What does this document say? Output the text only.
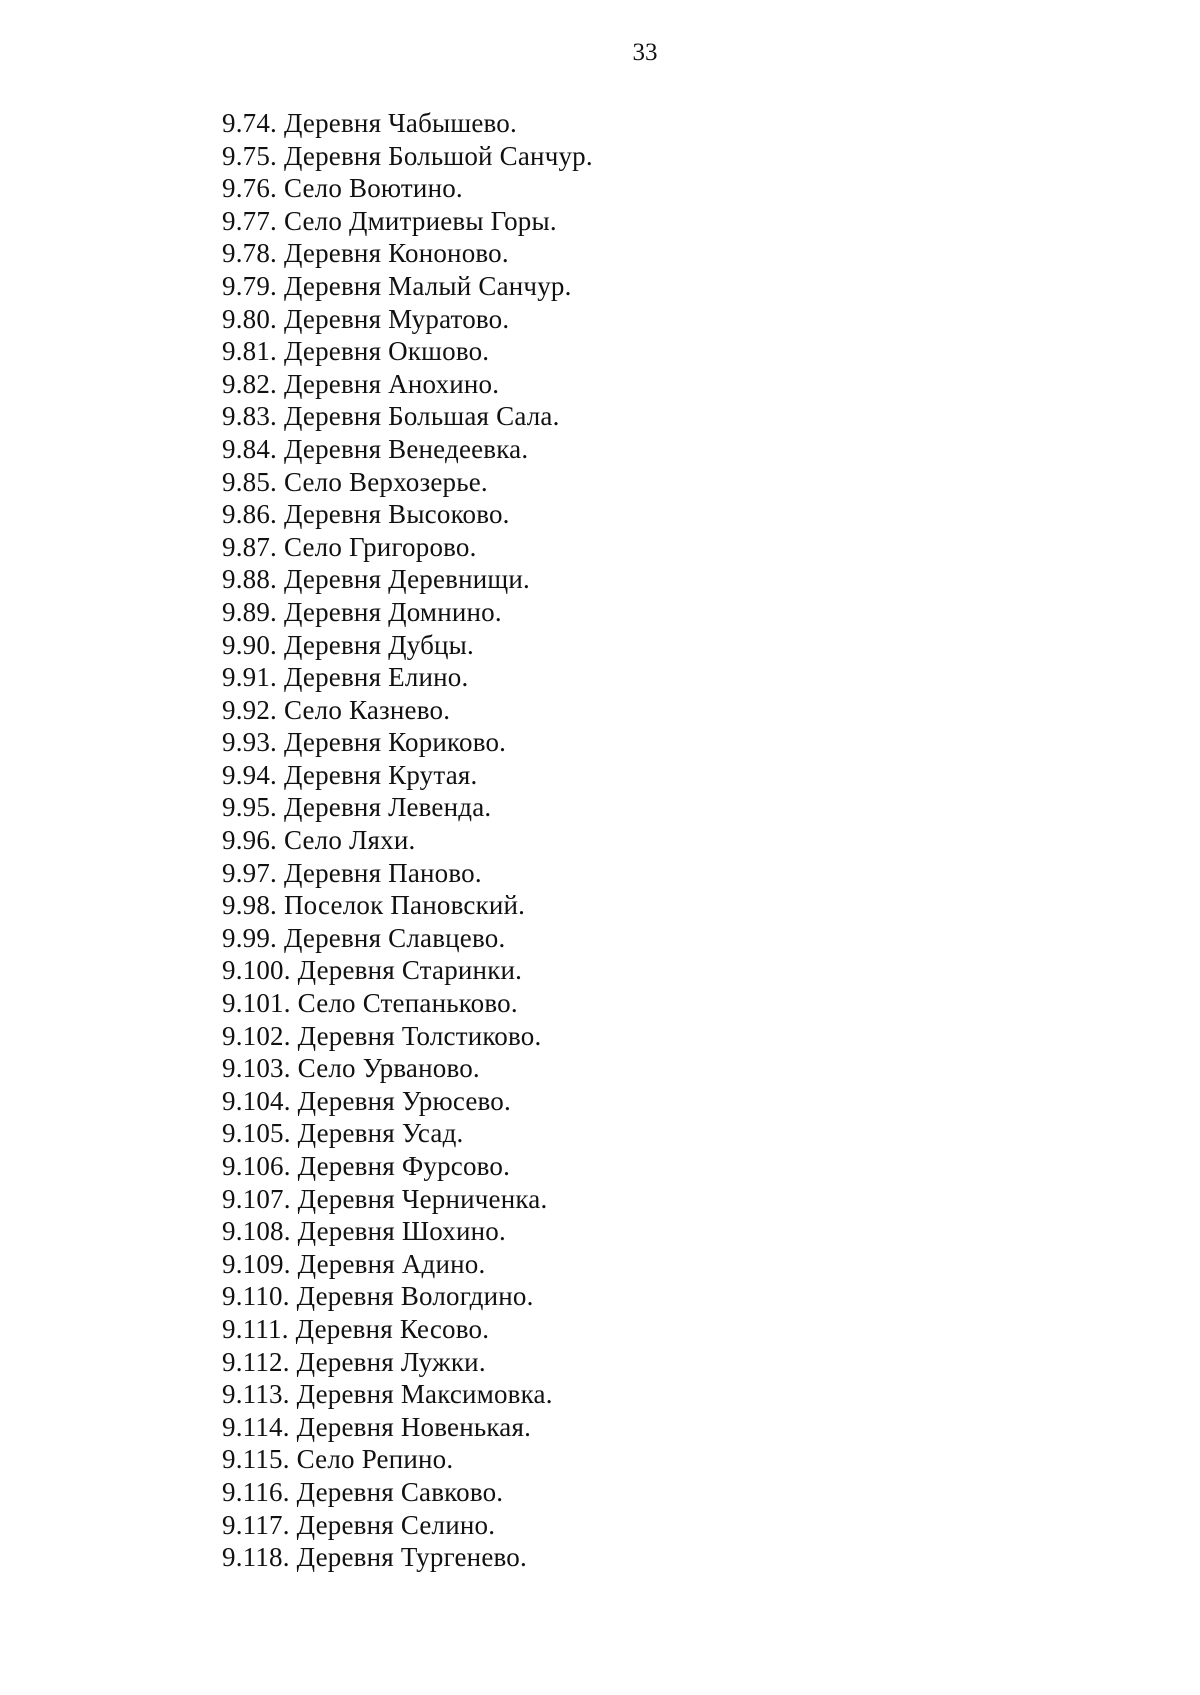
33
9.74. Деревня Чабышево.
9.75. Деревня Большой Санчур.
9.76. Село Воютино.
9.77. Село Дмитриевы Горы.
9.78. Деревня Кононово.
9.79. Деревня Малый Санчур.
9.80. Деревня Муратово.
9.81. Деревня Окшово.
9.82. Деревня Анохино.
9.83. Деревня Большая Сала.
9.84. Деревня Венедеевка.
9.85. Село Верхозерье.
9.86. Деревня Высоково.
9.87. Село Григорово.
9.88. Деревня Деревнищи.
9.89. Деревня Домнино.
9.90. Деревня Дубцы.
9.91. Деревня Елино.
9.92. Село Казнево.
9.93. Деревня Кориково.
9.94. Деревня Крутая.
9.95. Деревня Левенда.
9.96. Село Ляхи.
9.97. Деревня Паново.
9.98. Поселок Пановский.
9.99. Деревня Славцево.
9.100. Деревня Старинки.
9.101. Село Степаньково.
9.102. Деревня Толстиково.
9.103. Село Урваново.
9.104. Деревня Урюсево.
9.105. Деревня Усад.
9.106. Деревня Фурсово.
9.107. Деревня Черниченка.
9.108. Деревня Шохино.
9.109. Деревня Адино.
9.110. Деревня Вологдино.
9.111. Деревня Кесово.
9.112. Деревня Лужки.
9.113. Деревня Максимовка.
9.114. Деревня Новенькая.
9.115. Село Репино.
9.116. Деревня Савково.
9.117. Деревня Селино.
9.118. Деревня Тургенево.
